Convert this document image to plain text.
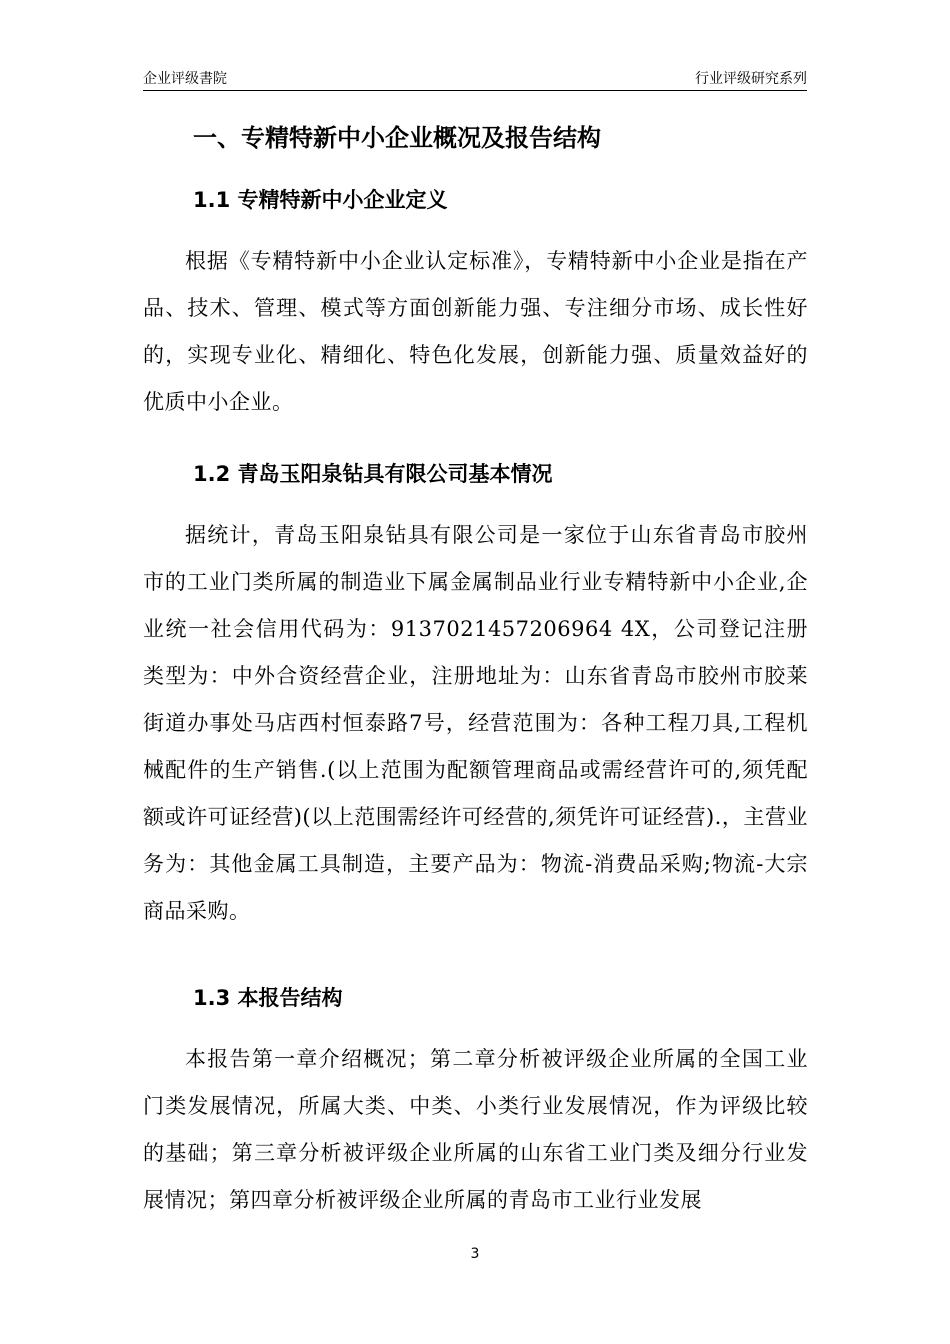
企业评级書院	行业评级研究系列
一、专精特新中小企业概况及报告结构
1.1 专精特新中小企业定义
根据《专精特新中小企业认定标准》，专精特新中小企业是指在产品、技术、管理、模式等方面创新能力强、专注细分市场、成长性好的，实现专业化、精细化、特色化发展，创新能力强、质量效益好的优质中小企业。
1.2 青岛玉阳泉钻具有限公司基本情况
据统计，青岛玉阳泉钻具有限公司是一家位于山东省青岛市胶州市的工业门类所属的制造业下属金属制品业行业专精特新中小企业,企业统一社会信用代码为：9137021457206964 4X，公司登记注册类型为：中外合资经营企业，注册地址为：山东省青岛市胶州市胶莱街道办事处马店西村恒泰路7号，经营范围为：各种工程刀具,工程机械配件的生产销售.(以上范围为配额管理商品或需经营许可的,须凭配额或许可证经营)(以上范围需经许可经营的,须凭许可证经营).，主营业务为：其他金属工具制造，主要产品为：物流-消费品采购;物流-大宗商品采购。
1.3 本报告结构
本报告第一章介绍概况；第二章分析被评级企业所属的全国工业门类发展情况，所属大类、中类、小类行业发展情况，作为评级比较的基础；第三章分析被评级企业所属的山东省工业门类及细分行业发展情况；第四章分析被评级企业所属的青岛市工业行业发展
3
